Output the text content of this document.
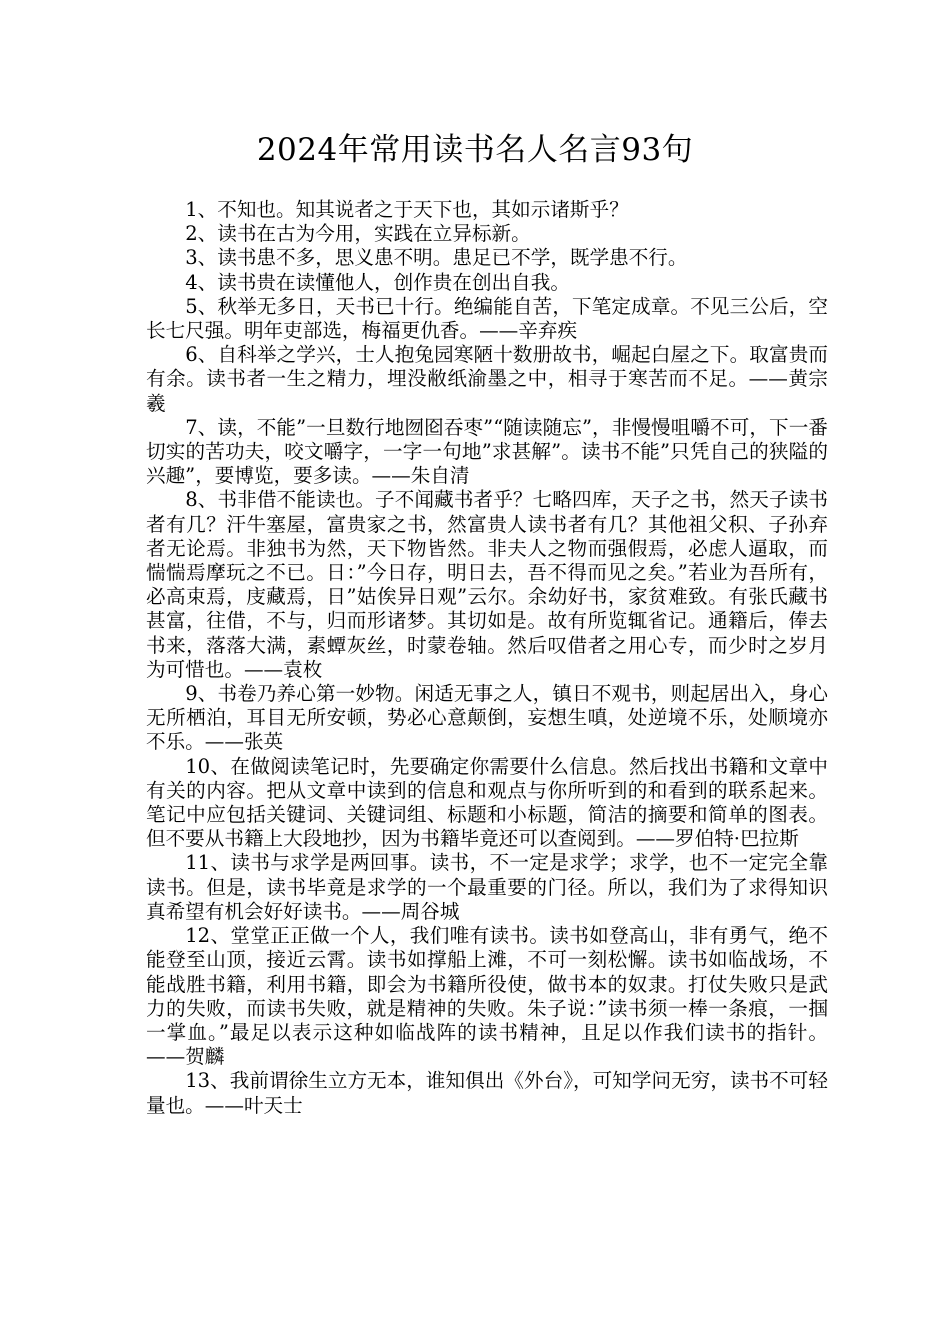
2024年常用读书名人名言93句

1、不知也。知其说者之于天下也，其如示诸斯乎？

2、读书在古为今用，实践在立异标新。

3、读书患不多，思义患不明。患足已不学，既学患不行。

4、读书贵在读懂他人，创作贵在创出自我。

5、秋举无多日，天书已十行。绝编能自苦，下笔定成章。不见三公后，空长七尺强。明年吏部选，梅福更仇香。——辛弃疾

6、自科举之学兴，士人抱兔园寒陋十数册故书，崛起白屋之下。取富贵而有余。读书者一生之精力，埋没敝纸渝墨之中，相寻于寒苦而不足。——黄宗羲

7、读，不能”一旦数行地囫囵吞枣”“随读随忘”，非慢慢咀嚼不可，下一番切实的苦功夫，咬文嚼字，一字一句地”求甚解”。读书不能”只凭自己的狭隘的兴趣”，要博览，要多读。——朱自清

8、书非借不能读也。子不闻藏书者乎？七略四库，天子之书，然天子读书者有几？汗牛塞屋，富贵家之书，然富贵人读书者有几？其他祖父积、子孙弃者无论焉。非独书为然，天下物皆然。非夫人之物而强假焉，必虑人逼取，而惴惴焉摩玩之不已。日：”今日存，明日去，吾不得而见之矣。”若业为吾所有，必高束焉，庋藏焉，日”姑俟异日观”云尔。余幼好书，家贫难致。有张氏藏书甚富，往借，不与，归而形诸梦。其切如是。故有所览辄省记。通籍后，俸去书来，落落大满，素蟫灰丝，时蒙卷轴。然后叹借者之用心专，而少时之岁月为可惜也。——袁枚

9、书卷乃养心第一妙物。闲适无事之人，镇日不观书，则起居出入，身心无所栖泊，耳目无所安顿，势必心意颠倒，妄想生嗔，处逆境不乐，处顺境亦不乐。——张英

10、在做阅读笔记时，先要确定你需要什么信息。然后找出书籍和文章中有关的内容。把从文章中读到的信息和观点与你所听到的和看到的联系起来。笔记中应包括关键词、关键词组、标题和小标题，简洁的摘要和简单的图表。但不要从书籍上大段地抄，因为书籍毕竟还可以查阅到。——罗伯特·巴拉斯

11、读书与求学是两回事。读书，不一定是求学；求学，也不一定完全靠读书。但是，读书毕竟是求学的一个最重要的门径。所以，我们为了求得知识真希望有机会好好读书。——周谷城

12、堂堂正正做一个人，我们唯有读书。读书如登高山，非有勇气，绝不能登至山顶，接近云霄。读书如撑船上滩，不可一刻松懈。读书如临战场，不能战胜书籍，利用书籍，即会为书籍所役使，做书本的奴隶。打仗失败只是武力的失败，而读书失败，就是精神的失败。朱子说：”读书须一棒一条痕，一掴一掌血。”最足以表示这种如临战阵的读书精神，且足以作我们读书的指针。——贺麟

13、我前谓徐生立方无本，谁知俱出《外台》，可知学问无穷，读书不可轻量也。——叶天士
